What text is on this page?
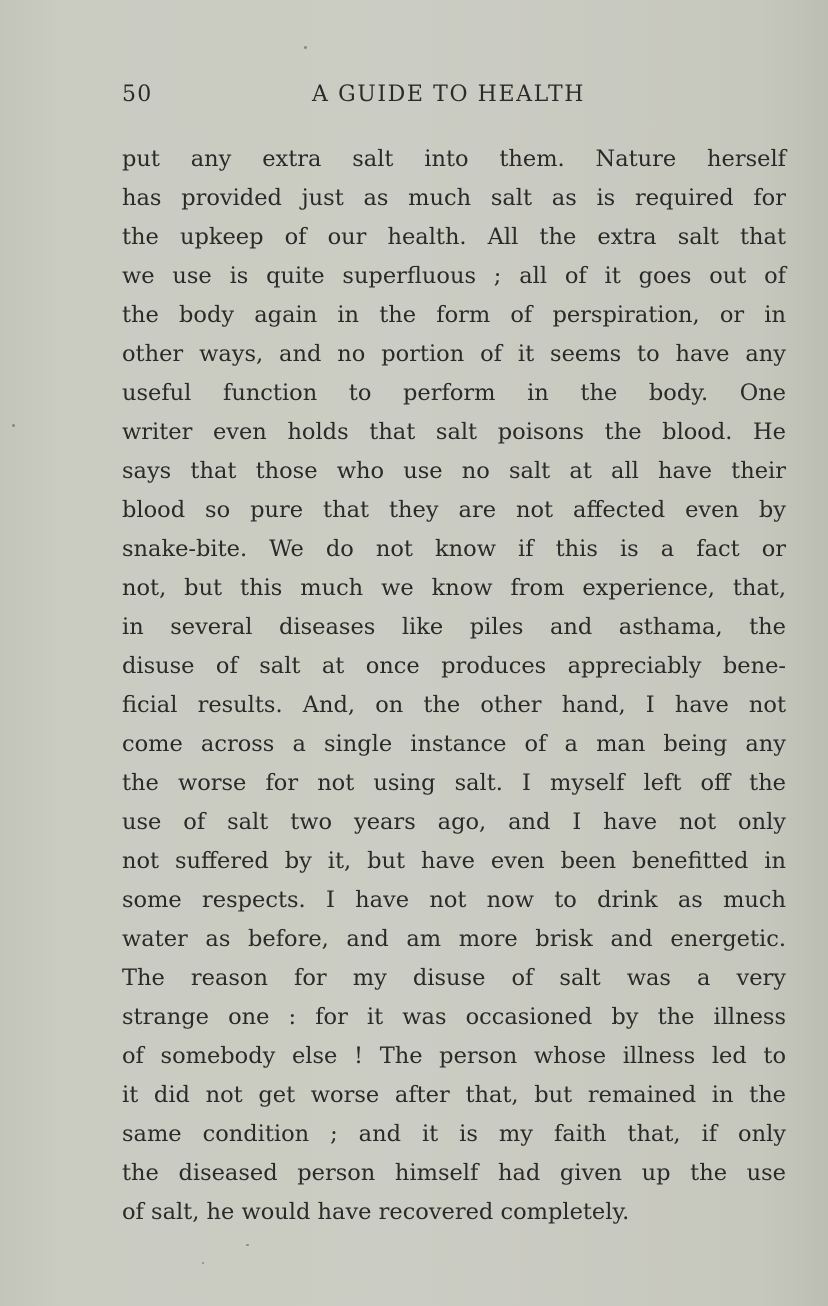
50	A GUIDE TO HEALTH
put any extra salt into them. Nature herself
has provided just as much salt as is required for
the upkeep of our health. All the extra salt that
we use is quite superfluous ; all of it goes out of
the body again in the form of perspiration, or in
other ways, and no portion of it seems to have any
useful function to perform in the body. One
writer even holds that salt poisons the blood. He
says that those who use no salt at all have their
blood so pure that they are not affected even by
snake-bite. We do not know if this is a fact or
not, but this much we know from experience, that,
in several diseases like piles and asthama, the
disuse of salt at once produces appreciably bene-
ficial results. And, on the other hand, I have not
come across a single instance of a man being any
the worse for not using salt. I myself left off the
use of salt two years ago, and I have not only
not suffered by it, but have even been benefitted in
some respects. I have not now to drink as much
water as before, and am more brisk and energetic.
The reason for my disuse of salt was a very
strange one : for it was occasioned by the illness
of somebody else ! The person whose illness led to
it did not get worse after that, but remained in the
same condition ; and it is my faith that, if only
the diseased person himself had given up the use
of salt, he would have recovered completely.
